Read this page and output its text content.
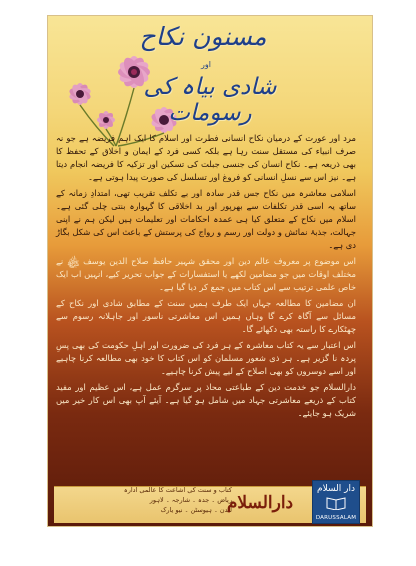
مسنون نکاح
اور
شادی بیاہ کی رسومات

مرد اور عورت کے درمیان نکاح انسانی فطرت اور اسلام کا ایک اہم فریضہ ہے جو نہ صرف انبیاء کی مستقل سنت رہا ہے بلکہ کسی فرد کے ایمان و اخلاق کے تحفظ کا بھی ذریعہ ہے۔ نکاح انسان کی جنسی جبلت کی تسکین اور تزکیہ کا فریضہ انجام دیتا ہے۔ نیز اس سے نسلِ انسانی کو فروغ اور تسلسل کی صورت پیدا ہوتی ہے۔

اسلامی معاشرہ میں نکاح جس قدر سادہ اور بے تکلف تقریب تھی، امتدادِ زمانہ کے ساتھ یہ اسی قدر تکلفات سے بھرپور اور بد اخلاقی کا گہوارہ بنتی چلی گئی ہے۔ اسلام میں نکاح کے متعلق کیا ہی عمدہ احکامات اور تعلیمات ہیں لیکن ہم نے اپنی جہالت، جذبۂ نمائش و دولت اور رسم و رواج کی پرستش کے باعث اس کی شکل بگاڑ دی ہے۔

اس موضوع پر معروف عالم دین اور محقق شہیر حافظ صلاح الدین یوسف ﷾ نے مختلف اوقات میں جو مضامین لکھے یا استفسارات کے جواب تحریر کیے، انہیں اب ایک خاص علمی ترتیب سے اس کتاب میں جمع کر دیا گیا ہے۔

ان مضامین کا مطالعہ جہاں ایک طرف ہمیں سنت کے مطابق شادی اور نکاح کے مسائل سے آگاہ کرے گا وہاں ہمیں اس معاشرتی ناسور اور جاہلانہ رسوم سے چھٹکارے کا راستہ بھی دکھائے گا۔

اس اعتبار سے یہ کتاب معاشرہ کے ہر فرد کی ضرورت اور اہلِ حکومت کی بھی پسِ پردہ نا گزیر ہے۔ ہر ذی شعور مسلمان کو اس کتاب کا خود بھی مطالعہ کرنا چاہیے اور اسے دوسروں کو بھی اصلاح کے لیے پیش کرنا چاہیے۔

دارالسلام جو خدمت دین کے طباعتی محاذ پر سرگرم عمل ہے، اس عظیم اور مفید کتاب کے ذریعے معاشرتی جہاد میں شامل ہو گیا ہے۔ آیئے آپ بھی اس کار خیر میں شریک ہو جایئے۔

کتاب و سنت کی اشاعت کا عالمی ادارہ
ریاض ۔ جدہ ۔ شارجہ ۔ لاہور
لندن ۔ ہیوسٹن ۔ نیو یارک
دارالسلام
دار السلام
DARUSSALAM
